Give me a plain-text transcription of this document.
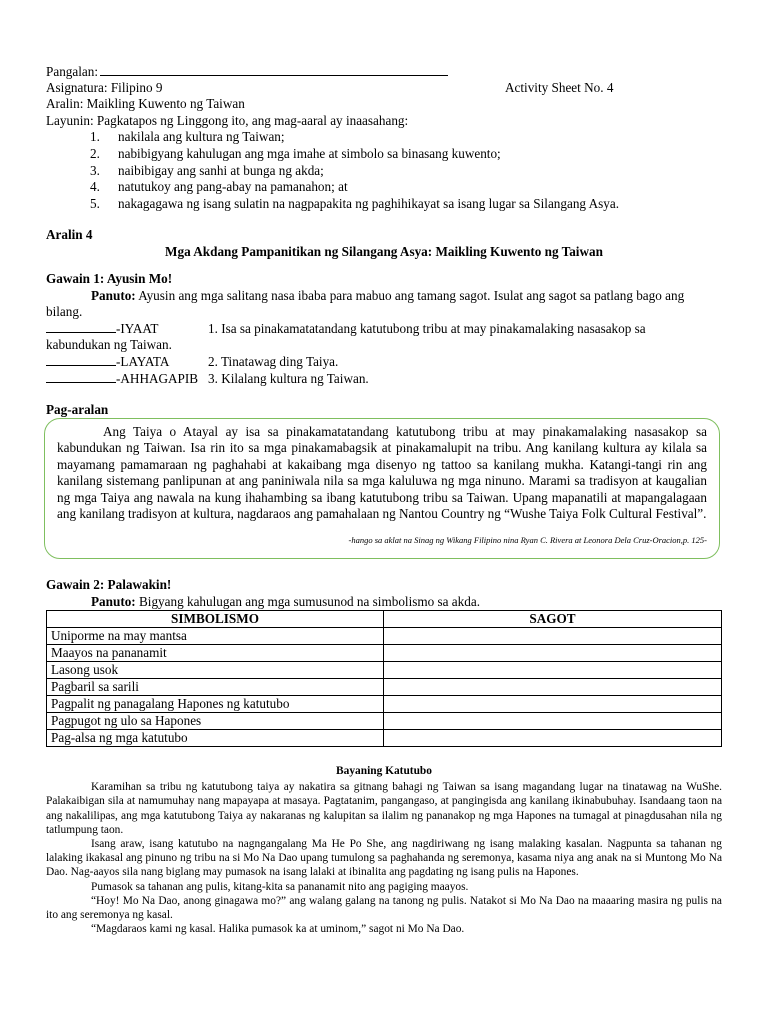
Pangalan:
Asignatura: Filipino 9	Activity Sheet No. 4
Aralin: Maikling Kuwento ng Taiwan
Layunin: Pagkatapos ng Linggong ito, ang mag-aaral ay inaasahang:
1. nakilala ang kultura ng Taiwan;
2. nabibigyang kahulugan ang mga imahe at simbolo sa binasang kuwento;
3. naibibigay ang sanhi at bunga ng akda;
4. natutukoy ang pang-abay na pamanahon; at
5. nakagagawa ng isang sulatin na nagpapakita ng paghihikayat sa isang lugar sa Silangang Asya.
Aralin 4
Mga Akdang Pampanitikan ng Silangang Asya: Maikling Kuwento ng Taiwan
Gawain 1: Ayusin Mo!
Panuto: Ayusin ang mga salitang nasa ibaba para mabuo ang tamang sagot. Isulat ang sagot sa patlang bago ang bilang.
-IYAAT	1. Isa sa pinakamatatandang katutubong tribu at may pinakamalaking nasasakop sa
kabundukan ng Taiwan.
-LAYATA	2. Tinatawag ding Taiya.
-AHHAGAPIB 3. Kilalang kultura ng Taiwan.
Pag-aralan
Ang Taiya o Atayal ay isa sa pinakamatatandang katutubong tribu at may pinakamalaking nasasakop sa kabundukan ng Taiwan. Isa rin ito sa mga pinakamabagsik at pinakamalupit na tribu. Ang kanilang kultura ay kilala sa mayamang pamamaraan ng paghahabi at kakaibang mga disenyo ng tattoo sa kanilang mukha. Katangi-tangi rin ang kanilang sistemang panlipunan at ang paniniwala nila sa mga kaluluwa ng mga ninuno. Marami sa tradisyon at kaugalian ng mga Taiya ang nawala na kung ihahambing sa ibang katutubong tribu sa Taiwan. Upang mapanatili at mapangalagaan ang kanilang tradisyon at kultura, nagdaraos ang pamahalaan ng Nantou Country ng “Wushe Taiya Folk Cultural Festival”.
-hango sa aklat na Sinag ng Wikang Filipino nina Ryan C. Rivera at Leonora Dela Cruz-Oracion,p. 125-
Gawain 2: Palawakin!
Panuto: Bigyang kahulugan ang mga sumusunod na simbolismo sa akda.
SIMBOLISMO	SAGOT
Uniporme na may mantsa	
Maayos na pananamit	
Lasong usok	
Pagbaril sa sarili	
Pagpalit ng panagalang Hapones ng katutubo	
Pagpugot ng ulo sa Hapones	
Pag-alsa ng mga katutubo	

Bayaning Katutubo

Karamihan sa tribu ng katutubong taiya ay nakatira sa gitnang bahagi ng Taiwan sa isang magandang lugar na tinatawag na WuShe. Palakaibigan sila at namumuhay nang mapayapa at masaya. Pagtatanim, pangangaso, at pangingisda ang kanilang ikinabubuhay. Isandaang taon na ang nakalilipas, ang mga katutubong Taiya ay nakaranas ng kalupitan sa ilalim ng pananakop ng mga Hapones na tumagal at pinagdusahan nila ng tatlumpung taon.

Isang araw, isang katutubo na nagngangalang Ma He Po She, ang nagdiriwang ng isang malaking kasalan. Nagpunta sa tahanan ng lalaking ikakasal ang pinuno ng tribu na si Mo Na Dao upang tumulong sa paghahanda ng seremonya, kasama niya ang anak na si Muntong Mo Na Dao. Nag-aayos sila nang biglang may pumasok na isang lalaki at ibinalita ang pagdating ng isang pulis na Hapones.

Pumasok sa tahanan ang pulis, kitang-kita sa pananamit nito ang pagiging maayos.

“Hoy! Mo Na Dao, anong ginagawa mo?” ang walang galang na tanong ng pulis. Natakot si Mo Na Dao na maaaring masira ng pulis na ito ang seremonya ng kasal.

“Magdaraos kami ng kasal. Halika pumasok ka at uminom,” sagot ni Mo Na Dao.
